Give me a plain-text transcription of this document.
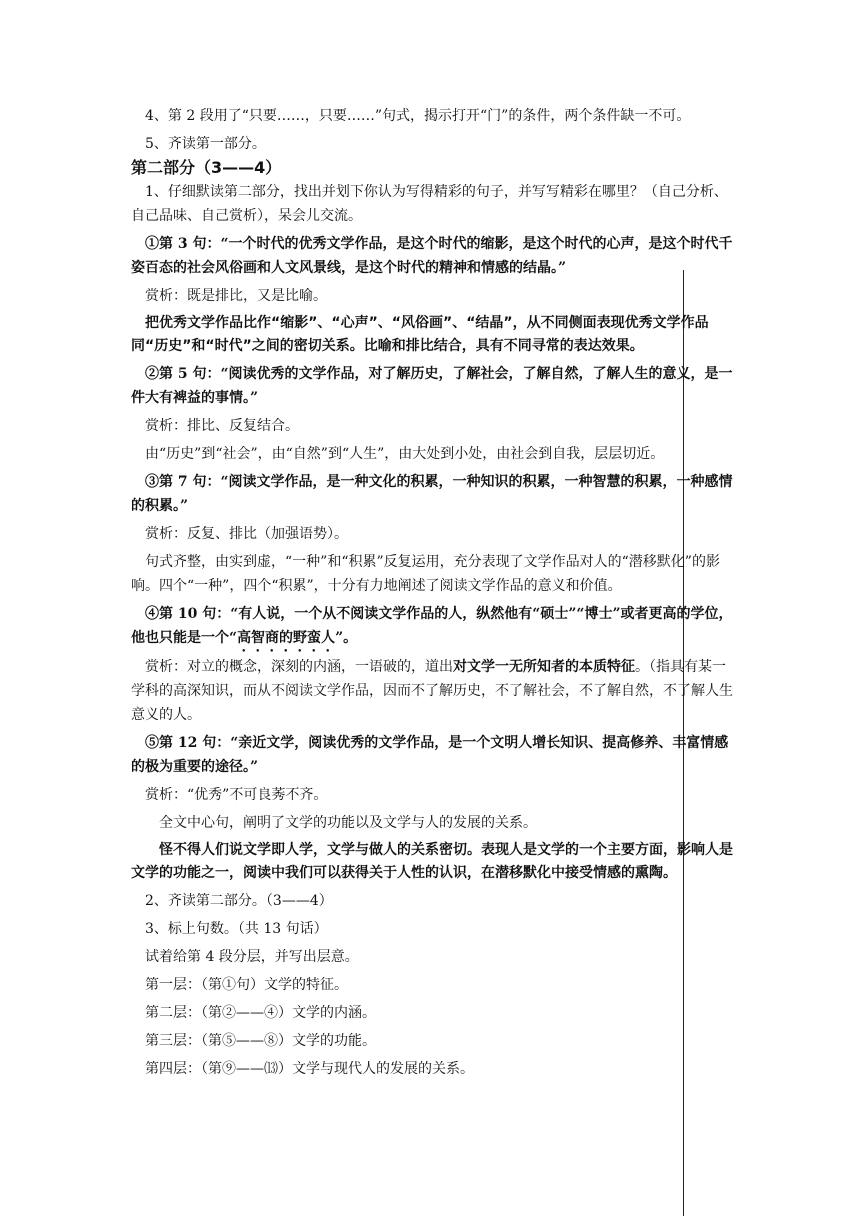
4、第 2 段用了“只要……，只要……”句式，揭示打开“门”的条件，两个条件缺一不可。

5、齐读第一部分。

第二部分（3——4）

1、仔细默读第二部分，找出并划下你认为写得精彩的句子，并写写精彩在哪里？（自己分析、自己品味、自己赏析），呆会儿交流。

①第 3 句：“一个时代的优秀文学作品，是这个时代的缩影，是这个时代的心声，是这个时代千姿百态的社会风俗画和人文风景线，是这个时代的精神和情感的结晶。”

赏析：既是排比，又是比喻。

把优秀文学作品比作“缩影”、“心声”、“风俗画”、“结晶”，从不同侧面表现优秀文学作品同“历史”和“时代”之间的密切关系。比喻和排比结合，具有不同寻常的表达效果。

②第 5 句：“阅读优秀的文学作品，对了解历史，了解社会，了解自然，了解人生的意义，是一件大有裨益的事情。”

赏析：排比、反复结合。

由“历史”到“社会”，由“自然”到“人生”，由大处到小处，由社会到自我，层层切近。

③第 7 句：“阅读文学作品，是一种文化的积累，一种知识的积累，一种智慧的积累，一种感情的积累。”

赏析：反复、排比（加强语势）。

句式齐整，由实到虚，“一种”和“积累”反复运用，充分表现了文学作品对人的“潜移默化”的影响。四个“一种”，四个“积累”，十分有力地阐述了阅读文学作品的意义和价值。

④第 10 句：“有人说，一个从不阅读文学作品的人，纵然他有“硕士”“博士”或者更高的学位，他也只能是一个“高智商的野蛮人”。

赏析：对立的概念，深刻的内涵，一语破的，道出对文学一无所知者的本质特征。（指具有某一学科的高深知识，而从不阅读文学作品，因而不了解历史，不了解社会，不了解自然，不了解人生意义的人。

⑤第 12 句：“亲近文学，阅读优秀的文学作品，是一个文明人增长知识、提高修养、丰富情感的极为重要的途径。”

赏析：“优秀”不可良莠不齐。

全文中心句，阐明了文学的功能以及文学与人的发展的关系。

怪不得人们说文学即人学，文学与做人的关系密切。表现人是文学的一个主要方面，影响人是文学的功能之一，阅读中我们可以获得关于人性的认识，在潜移默化中接受情感的熏陶。

2、齐读第二部分。（3——4）

3、标上句数。（共 13 句话）

试着给第 4 段分层，并写出层意。

第一层：（第①句）文学的特征。

第二层：（第②——④）文学的内涵。

第三层：（第⑤——⑧）文学的功能。

第四层：（第⑨——⒀）文学与现代人的发展的关系。
